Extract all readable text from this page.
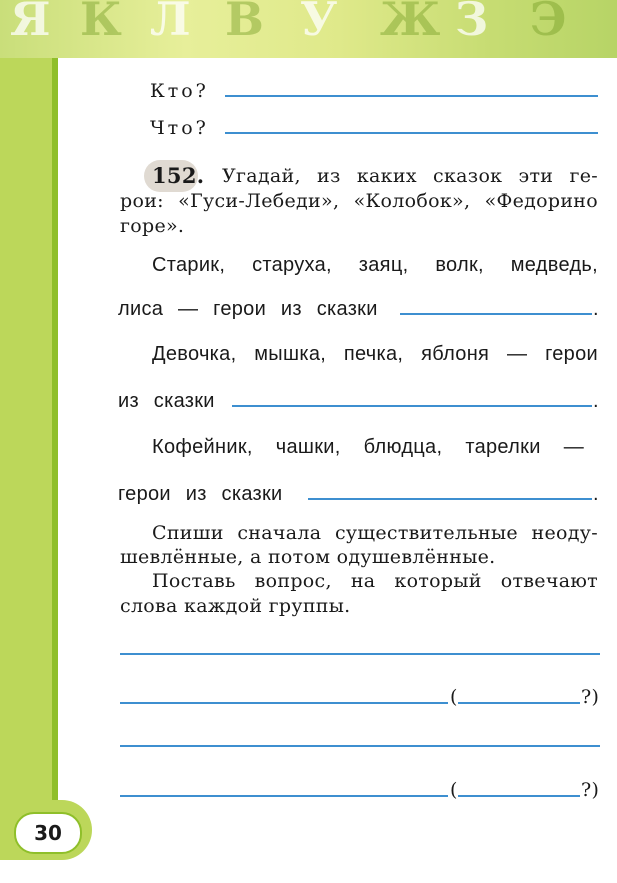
Я К Л В У Ж З Э
Кто?
Что?
152. Угадай, из каких сказок эти ге-
рои: «Гуси-Лебеди», «Колобок», «Федорино
горе».
Старик, старуха, заяц, волк, медведь,
лиса — герои из сказки	.
Девочка, мышка, печка, яблоня — герои
из сказки	.
Кофейник, чашки, блюдца, тарелки —
герои из сказки	.
Спиши сначала существительные неоду-
шевлённые, а потом одушевлённые.
Поставь вопрос, на который отвечают
слова каждой группы.
(	?)
(	?)
30
